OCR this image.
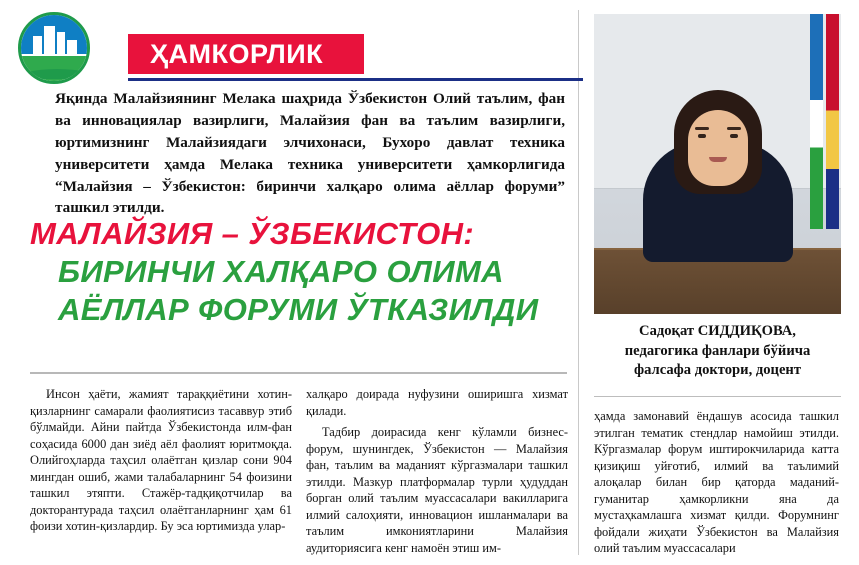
ҲАМКОРЛИК
Яқинда Малайзиянинг Мелака шаҳрида Ўзбекистон Олий таълим, фан ва инновациялар вазирлиги, Малайзия фан ва таълим вазирлиги, юртимизнинг Малайзиядаги элчихонаси, Бухоро давлат техника университети ҳамда Мелака техника университети ҳамкорлигида “Малайзия – Ўзбекистон: биринчи халқаро олима аёллар форуми” ташкил этилди.
МАЛАЙЗИЯ – ЎЗБЕКИСТОН:
БИРИНЧИ ХАЛҚАРО ОЛИМА
АЁЛЛАР ФОРУМИ ЎТКАЗИЛДИ

Инсон ҳаёти, жамият тараққиётини хотин-қизларнинг самарали фаолиятисиз тасаввур этиб бўлмайди. Айни пайтда Ўзбекистонда илм-фан соҳасида 6000 дан зиёд аёл фаолият юритмоқда. Олийгоҳларда таҳсил олаётган қизлар сони 904 мингдан ошиб, жами талабаларнинг 54 фоизини ташкил этяпти. Стажёр-тадқиқотчилар ва докторантурада таҳсил олаётганларнинг ҳам 61 фоизи хотин-қизлардир. Бу эса юртимизда улар-

халқаро доирада нуфузини оширишга хизмат қилади.

Тадбир доирасида кенг кўламли бизнес-форум, шунингдек, Ўзбекистон — Малайзия фан, таълим ва маданият кўргазмалари ташкил этилди. Мазкур платформалар турли ҳудуддан борган олий таълим муассасалари вакилларига илмий салоҳияти, инновацион ишланмалари ва таълим имкониятларини Малайзия аудиториясига кенг намоён этиш им-

ҳамда замонавий ёндашув асосида ташкил этилган тематик стендлар намойиш этилди. Кўргазмалар форум иштирокчиларида катта қизиқиш уйғотиб, илмий ва таълимий алоқалар билан бир қаторда маданий-гуманитар ҳамкорликни яна да мустаҳкамлашга хизмат қилди. Форумнинг фойдали жиҳати Ўзбекистон ва Малайзия олий таълим муассасалари

Садоқат СИДДИҚОВА,
педагогика фанлари бўйича
фалсафа доктори, доцент
